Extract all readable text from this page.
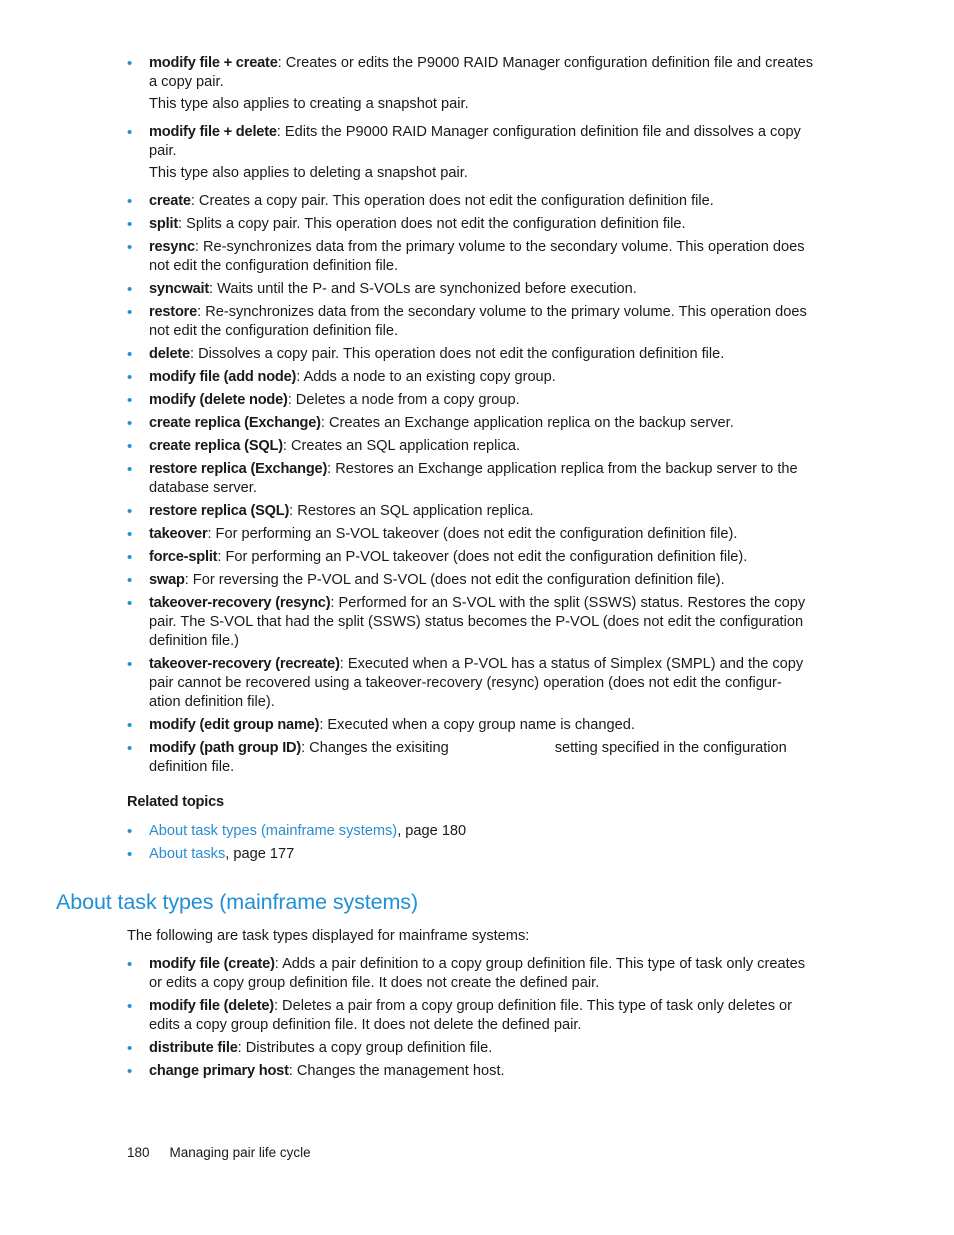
• modify file + create: Creates or edits the P9000 RAID Manager configuration definition file and creates a copy pair.
This type also applies to creating a snapshot pair.
• modify file + delete: Edits the P9000 RAID Manager configuration definition file and dissolves a copy pair.
This type also applies to deleting a snapshot pair.
• create: Creates a copy pair. This operation does not edit the configuration definition file.
• split: Splits a copy pair. This operation does not edit the configuration definition file.
• resync: Re-synchronizes data from the primary volume to the secondary volume. This operation does not edit the configuration definition file.
• syncwait: Waits until the P- and S-VOLs are synchonized before execution.
• restore: Re-synchronizes data from the secondary volume to the primary volume. This operation does not edit the configuration definition file.
• delete: Dissolves a copy pair. This operation does not edit the configuration definition file.
• modify file (add node): Adds a node to an existing copy group.
• modify (delete node): Deletes a node from a copy group.
• create replica (Exchange): Creates an Exchange application replica on the backup server.
• create replica (SQL): Creates an SQL application replica.
• restore replica (Exchange): Restores an Exchange application replica from the backup server to the database server.
• restore replica (SQL): Restores an SQL application replica.
• takeover: For performing an S-VOL takeover (does not edit the configuration definition file).
• force-split: For performing an P-VOL takeover (does not edit the configuration definition file).
• swap: For reversing the P-VOL and S-VOL (does not edit the configuration definition file).
• takeover-recovery (resync): Performed for an S-VOL with the split (SSWS) status. Restores the copy pair. The S-VOL that had the split (SSWS) status becomes the P-VOL (does not edit the configuration definition file.)
• takeover-recovery (recreate): Executed when a P-VOL has a status of Simplex (SMPL) and the copy pair cannot be recovered using a takeover-recovery (resync) operation (does not edit the configur- ation definition file).
• modify (edit group name): Executed when a copy group name is changed.
• modify (path group ID): Changes the exisiting	setting specified in the configuration definition file.
Related topics
• About task types (mainframe systems), page 180
• About tasks, page 177
About task types (mainframe systems)
The following are task types displayed for mainframe systems:
• modify file (create): Adds a pair definition to a copy group definition file. This type of task only creates or edits a copy group definition file. It does not create the defined pair.
• modify file (delete): Deletes a pair from a copy group definition file. This type of task only deletes or edits a copy group definition file. It does not delete the defined pair.
• distribute file: Distributes a copy group definition file.
• change primary host: Changes the management host.
180 Managing pair life cycle
